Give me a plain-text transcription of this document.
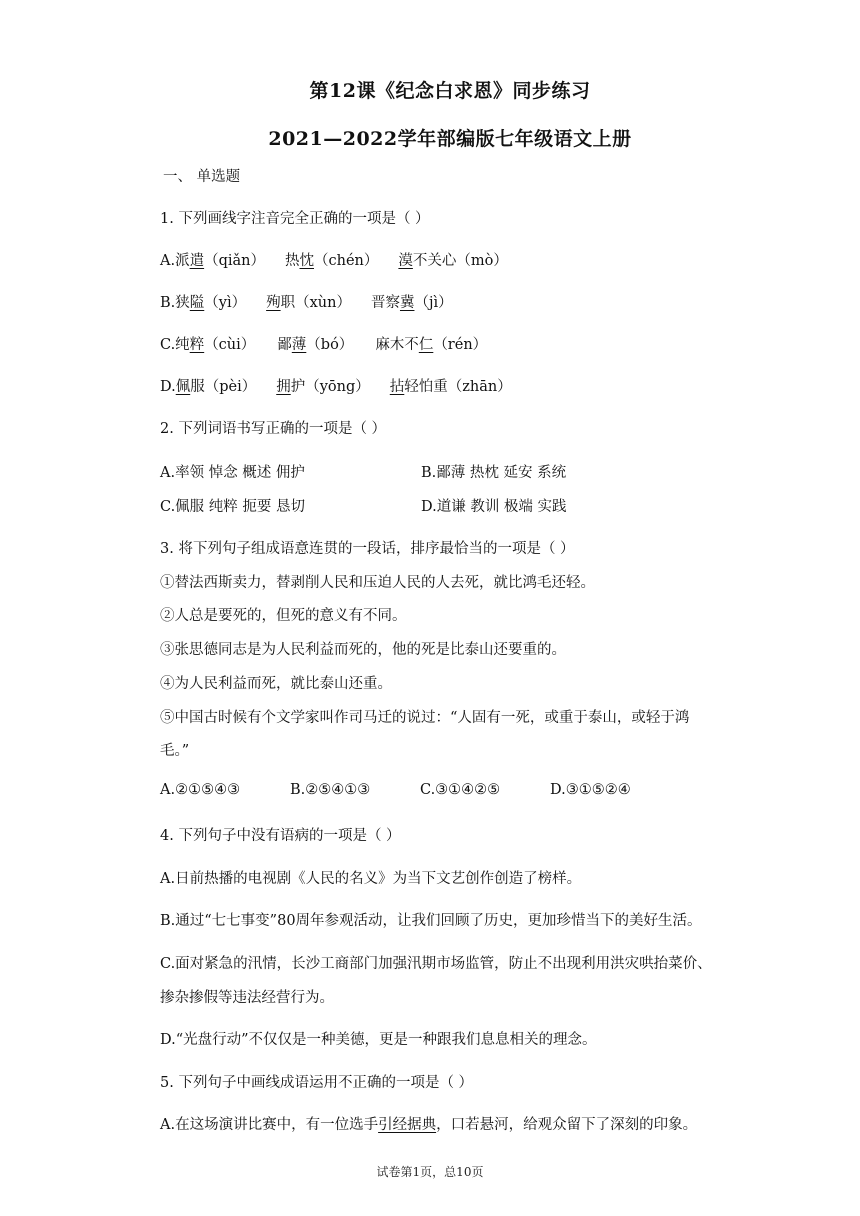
第12课《纪念白求恩》同步练习
2021—2022学年部编版七年级语文上册
一、 单选题
1. 下列画线字注音完全正确的一项是（ ）
A.派遣（qiǎn） 热忱（chén） 漠不关心（mò）
B.狭隘（yì） 殉职（xùn） 晋察冀（jì）
C.纯粹（cùi） 鄙薄（bó） 麻木不仁（rén）
D.佩服（pèi） 拥护（yōng） 拈轻怕重（zhān）
2. 下列词语书写正确的一项是（ ）
A.率领 悼念 概述 佣护	B.鄙薄 热枕 延安 系统
C.佩服 纯粹 扼要 恳切	D.道谦 教训 极端 实践
3. 将下列句子组成语意连贯的一段话，排序最恰当的一项是（ ）
①替法西斯卖力，替剥削人民和压迫人民的人去死，就比鸿毛还轻。
②人总是要死的，但死的意义有不同。
③张思德同志是为人民利益而死的，他的死是比泰山还要重的。
④为人民利益而死，就比泰山还重。
⑤中国古时候有个文学家叫作司马迁的说过：“人固有一死，或重于泰山，或轻于鸿
毛。”
A.②①⑤④③	B.②⑤④①③	C.③①④②⑤	D.③①⑤②④
4. 下列句子中没有语病的一项是（ ）
A.日前热播的电视剧《人民的名义》为当下文艺创作创造了榜样。
B.通过“七七事变”80周年参观活动，让我们回顾了历史，更加珍惜当下的美好生活。
C.面对紧急的汛情，长沙工商部门加强汛期市场监管，防止不出现利用洪灾哄抬菜价、
掺杂掺假等违法经营行为。
D.“光盘行动”不仅仅是一种美德，更是一种跟我们息息相关的理念。
5. 下列句子中画线成语运用不正确的一项是（ ）
A.在这场演讲比赛中，有一位选手引经据典，口若悬河，给观众留下了深刻的印象。
试卷第1页，总10页
